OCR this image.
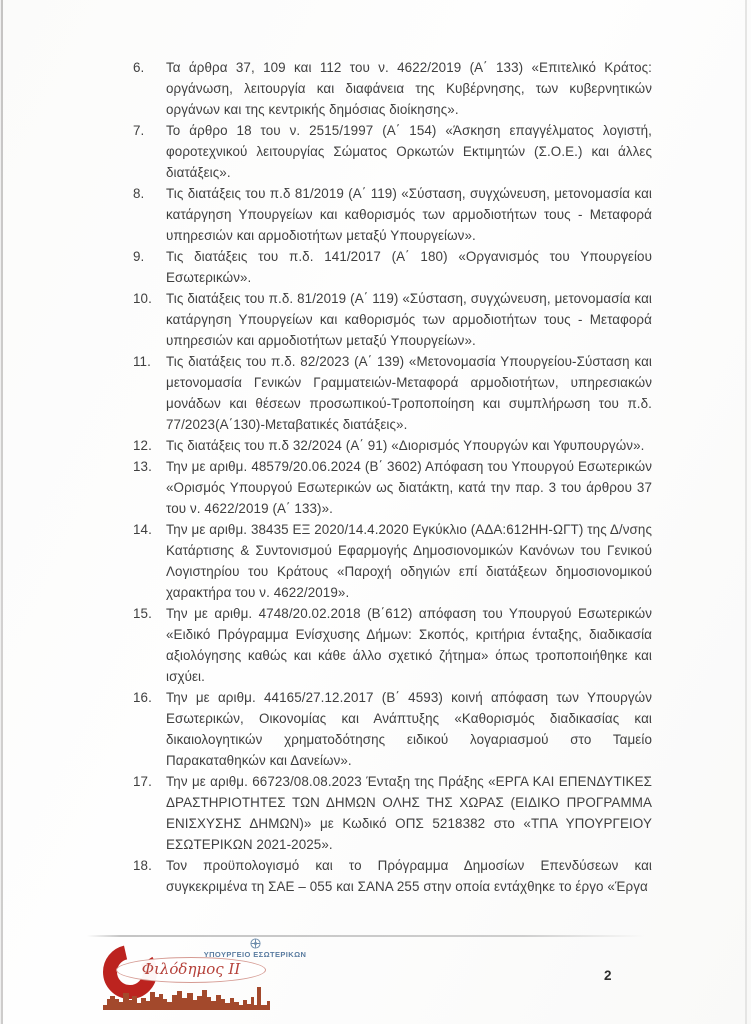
6.	Τα άρθρα 37, 109 και 112 του ν. 4622/2019 (Α΄ 133) «Επιτελικό Κράτος: οργάνωση, λειτουργία και διαφάνεια της Κυβέρνησης, των κυβερνητικών οργάνων και της κεντρικής δημόσιας διοίκησης».
7.	Το άρθρο 18 του ν. 2515/1997 (Α΄ 154) «Άσκηση επαγγέλματος λογιστή, φοροτεχνικού λειτουργίας Σώματος Ορκωτών Εκτιμητών (Σ.Ο.Ε.) και άλλες διατάξεις».
8.	Τις διατάξεις του π.δ 81/2019 (Α΄ 119) «Σύσταση, συγχώνευση, μετονομασία και κατάργηση Υπουργείων και καθορισμός των αρμοδιοτήτων τους - Μεταφορά υπηρεσιών και αρμοδιοτήτων μεταξύ Υπουργείων».
9.	Τις διατάξεις του π.δ. 141/2017 (Α΄ 180) «Οργανισμός του Υπουργείου Εσωτερικών».
10.	Τις διατάξεις του π.δ. 81/2019 (Α΄ 119) «Σύσταση, συγχώνευση, μετονομασία και κατάργηση Υπουργείων και καθορισμός των αρμοδιοτήτων τους - Μεταφορά υπηρεσιών και αρμοδιοτήτων μεταξύ Υπουργείων».
11.	Τις διατάξεις του π.δ. 82/2023 (Α΄ 139) «Μετονομασία Υπουργείου-Σύσταση και μετονομασία Γενικών Γραμματειών-Μεταφορά αρμοδιοτήτων, υπηρεσιακών μονάδων και θέσεων προσωπικού-Τροποποίηση και συμπλήρωση του π.δ. 77/2023(Α΄130)-Μεταβατικές διατάξεις».
12.	Τις διατάξεις του π.δ 32/2024 (Α΄ 91) «Διορισμός Υπουργών και Υφυπουργών».
13.	Την με αριθμ. 48579/20.06.2024 (Β΄ 3602) Απόφαση του Υπουργού Εσωτερικών «Ορισμός Υπουργού Εσωτερικών ως διατάκτη, κατά την παρ. 3 του άρθρου 37 του ν. 4622/2019 (Α΄ 133)».
14.	Την με αριθμ. 38435 ΕΞ 2020/14.4.2020 Εγκύκλιο (ΑΔΑ:612ΗΗ-ΩΓΤ) της Δ/νσης Κατάρτισης & Συντονισμού Εφαρμογής Δημοσιονομικών Κανόνων του Γενικού Λογιστηρίου του Κράτους «Παροχή οδηγιών επί διατάξεων δημοσιονομικού χαρακτήρα του ν. 4622/2019».
15.	Την με αριθμ. 4748/20.02.2018 (Β΄612) απόφαση του Υπουργού Εσωτερικών «Ειδικό Πρόγραμμα Ενίσχυσης Δήμων: Σκοπός, κριτήρια ένταξης, διαδικασία αξιολόγησης καθώς και κάθε άλλο σχετικό ζήτημα» όπως τροποποιήθηκε και ισχύει.
16.	Την με αριθμ. 44165/27.12.2017 (Β΄ 4593) κοινή απόφαση των Υπουργών Εσωτερικών, Οικονομίας και Ανάπτυξης «Καθορισμός διαδικασίας και δικαιολογητικών χρηματοδότησης ειδικού λογαριασμού στο Ταμείο Παρακαταθηκών και Δανείων».
17.	Την με αριθμ. 66723/08.08.2023 Ένταξη της Πράξης «ΕΡΓΑ ΚΑΙ ΕΠΕΝΔΥΤΙΚΕΣ ΔΡΑΣΤΗΡΙΟΤΗΤΕΣ ΤΩΝ ΔΗΜΩΝ ΟΛΗΣ ΤΗΣ ΧΩΡΑΣ (ΕΙΔΙΚΟ ΠΡΟΓΡΑΜΜΑ ΕΝΙΣΧΥΣΗΣ ΔΗΜΩΝ)» με Κωδικό ΟΠΣ 5218382 στο «ΤΠΑ ΥΠΟΥΡΓΕΙΟΥ ΕΣΩΤΕΡΙΚΩΝ 2021-2025».
18.	Τον προϋπολογισμό και το Πρόγραμμα Δημοσίων Επενδύσεων και συγκεκριμένα τη ΣΑΕ – 055 και ΣΑΝΑ 255 στην οποία εντάχθηκε το έργο «Έργα
Φιλόδημος ΙΙ
ΥΠΟΥΡΓΕΙΟ ΕΣΩΤΕΡΙΚΩΝ
2
